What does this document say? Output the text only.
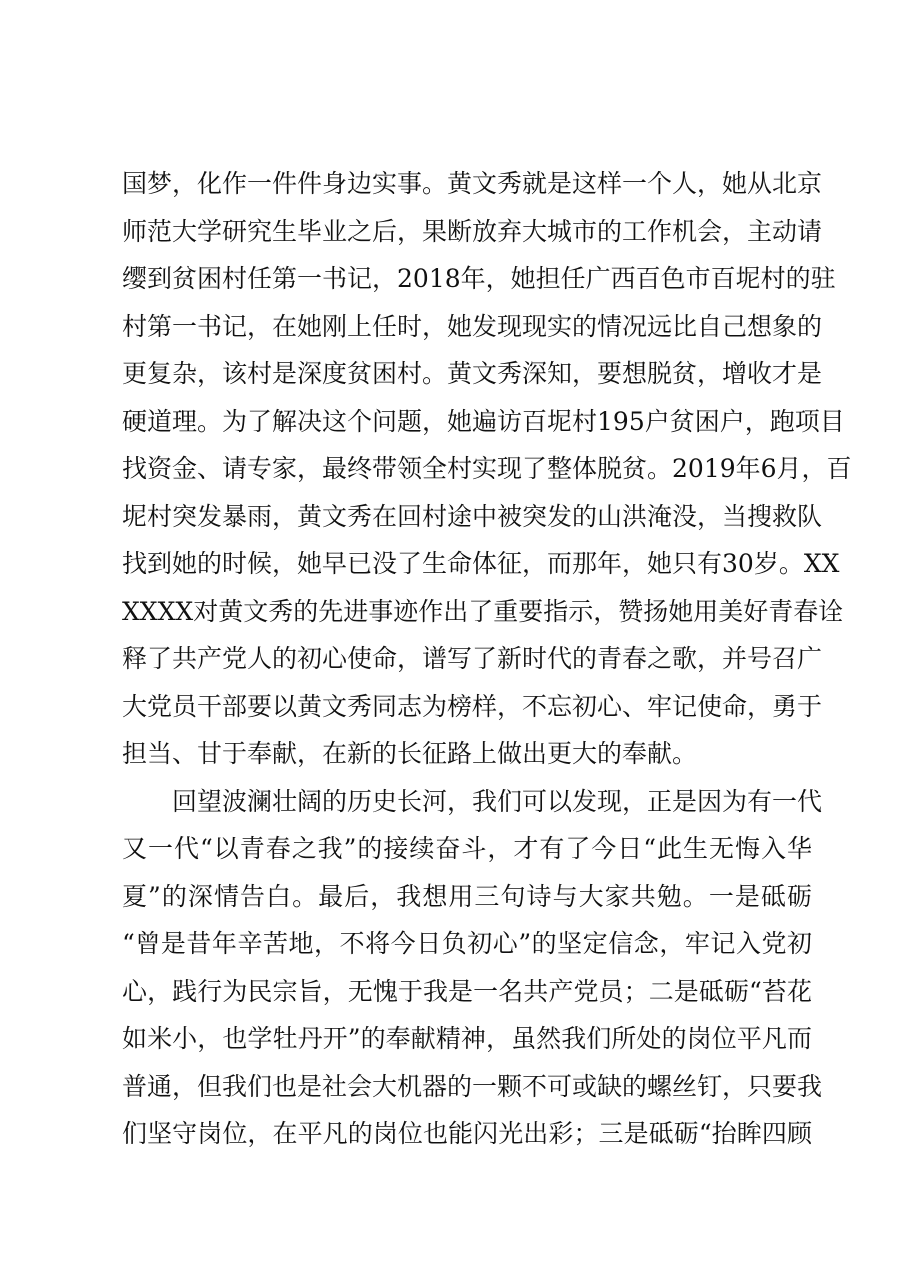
国梦，化作一件件身边实事。黄文秀就是这样一个人，她从北京
师范大学研究生毕业之后，果断放弃大城市的工作机会，主动请
缨到贫困村任第一书记，2018年，她担任广西百色市百坭村的驻
村第一书记，在她刚上任时，她发现现实的情况远比自己想象的
更复杂，该村是深度贫困村。黄文秀深知，要想脱贫，增收才是
硬道理。为了解决这个问题，她遍访百坭村195户贫困户，跑项目
找资金、请专家，最终带领全村实现了整体脱贫。2019年6月，百
坭村突发暴雨，黄文秀在回村途中被突发的山洪淹没，当搜救队
找到她的时候，她早已没了生命体征，而那年，她只有30岁。XX
XXXX对黄文秀的先进事迹作出了重要指示，赞扬她用美好青春诠
释了共产党人的初心使命，谱写了新时代的青春之歌，并号召广
大党员干部要以黄文秀同志为榜样，不忘初心、牢记使命，勇于
担当、甘于奉献，在新的长征路上做出更大的奉献。
回望波澜壮阔的历史长河，我们可以发现，正是因为有一代
又一代“以青春之我”的接续奋斗，才有了今日“此生无悔入华
夏”的深情告白。最后，我想用三句诗与大家共勉。一是砥砺
“曾是昔年辛苦地，不将今日负初心”的坚定信念，牢记入党初
心，践行为民宗旨，无愧于我是一名共产党员；二是砥砺“苔花
如米小，也学牡丹开”的奉献精神，虽然我们所处的岗位平凡而
普通，但我们也是社会大机器的一颗不可或缺的螺丝钉，只要我
们坚守岗位，在平凡的岗位也能闪光出彩；三是砥砺“抬眸四顾
